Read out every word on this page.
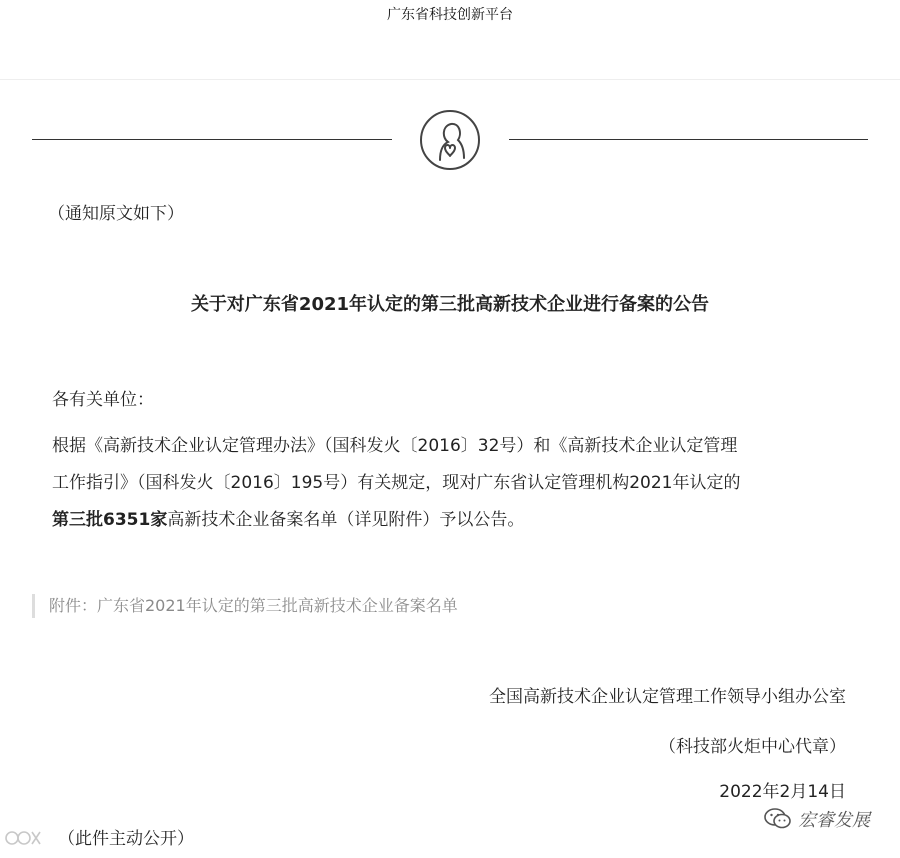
广东省科技创新平台
（通知原文如下）
关于对广东省2021年认定的第三批高新技术企业进行备案的公告
各有关单位：
根据《高新技术企业认定管理办法》（国科发火〔2016〕32号）和《高新技术企业认定管理
工作指引》（国科发火〔2016〕195号）有关规定，现对广东省认定管理机构2021年认定的
第三批6351家高新技术企业备案名单（详见附件）予以公告。
附件：广东省2021年认定的第三批高新技术企业备案名单
全国高新技术企业认定管理工作领导小组办公室
（科技部火炬中心代章）
2022年2月14日
（此件主动公开）
宏睿发展
